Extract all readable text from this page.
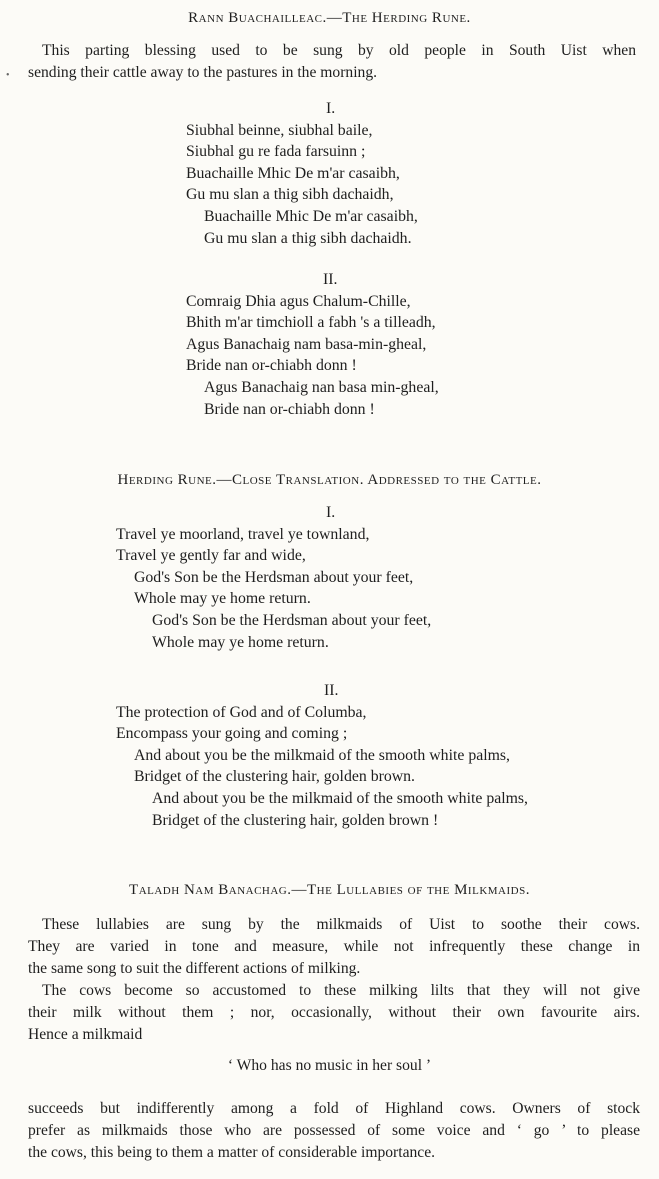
•
Rann Buachailleac.—The Herding Rune.
This parting blessing used to be sung by old people in South Uist when
sending their cattle away to the pastures in the morning.
I.
Siubhal beinne, siubhal baile,
Siubhal gu re fada farsuinn ;
Buachaille Mhic De m'ar casaibh,
Gu mu slan a thig sibh dachaidh,
Buachaille Mhic De m'ar casaibh,
Gu mu slan a thig sibh dachaidh.
II.
Comraig Dhia agus Chalum-Chille,
Bhith m'ar timchioll a fabh 's a tilleadh,
Agus Banachaig nam basa-min-gheal,
Bride nan or-chiabh donn !
Agus Banachaig nan basa min-gheal,
Bride nan or-chiabh donn !
Herding Rune.—Close Translation. Addressed to the Cattle.
I.
Travel ye moorland, travel ye townland,
Travel ye gently far and wide,
God's Son be the Herdsman about your feet,
Whole may ye home return.
God's Son be the Herdsman about your feet,
Whole may ye home return.
II.
The protection of God and of Columba,
Encompass your going and coming ;
And about you be the milkmaid of the smooth white palms,
Bridget of the clustering hair, golden brown.
And about you be the milkmaid of the smooth white palms,
Bridget of the clustering hair, golden brown !
Taladh Nam Banachag.—The Lullabies of the Milkmaids.
These lullabies are sung by the milkmaids of Uist to soothe their cows.
They are varied in tone and measure, while not infrequently these change in
the same song to suit the different actions of milking.
The cows become so accustomed to these milking lilts that they will not give
their milk without them ; nor, occasionally, without their own favourite airs.
Hence a milkmaid
‘ Who has no music in her soul ’
succeeds but indifferently among a fold of Highland cows. Owners of stock
prefer as milkmaids those who are possessed of some voice and ‘ go ’ to please
the cows, this being to them a matter of considerable importance.
